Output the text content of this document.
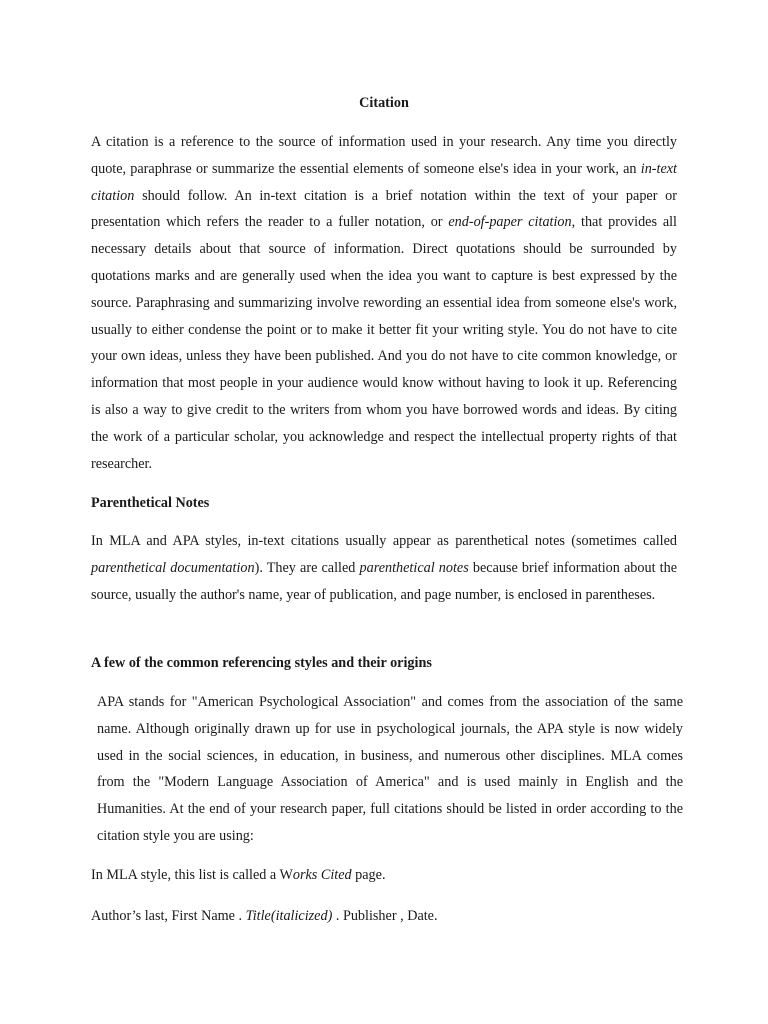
Citation

A citation is a reference to the source of information used in your research. Any time you directly quote, paraphrase or summarize the essential elements of someone else's idea in your work, an in-text citation should follow. An in-text citation is a brief notation within the text of your paper or presentation which refers the reader to a fuller notation, or end-of-paper citation, that provides all necessary details about that source of information. Direct quotations should be surrounded by quotations marks and are generally used when the idea you want to capture is best expressed by the source. Paraphrasing and summarizing involve rewording an essential idea from someone else's work, usually to either condense the point or to make it better fit your writing style. You do not have to cite your own ideas, unless they have been published. And you do not have to cite common knowledge, or information that most people in your audience would know without having to look it up. Referencing is also a way to give credit to the writers from whom you have borrowed words and ideas. By citing the work of a particular scholar, you acknowledge and respect the intellectual property rights of that researcher.

Parenthetical Notes

In MLA and APA styles, in-text citations usually appear as parenthetical notes (sometimes called parenthetical documentation). They are called parenthetical notes because brief information about the source, usually the author's name, year of publication, and page number, is enclosed in parentheses.

A few of the common referencing styles and their origins

APA stands for "American Psychological Association" and comes from the association of the same name. Although originally drawn up for use in psychological journals, the APA style is now widely used in the social sciences, in education, in business, and numerous other disciplines. MLA comes from the "Modern Language Association of America" and is used mainly in English and the Humanities. At the end of your research paper, full citations should be listed in order according to the citation style you are using:

In MLA style, this list is called a Works Cited page.

Author’s last, First Name . Title(italicized) . Publisher , Date.
